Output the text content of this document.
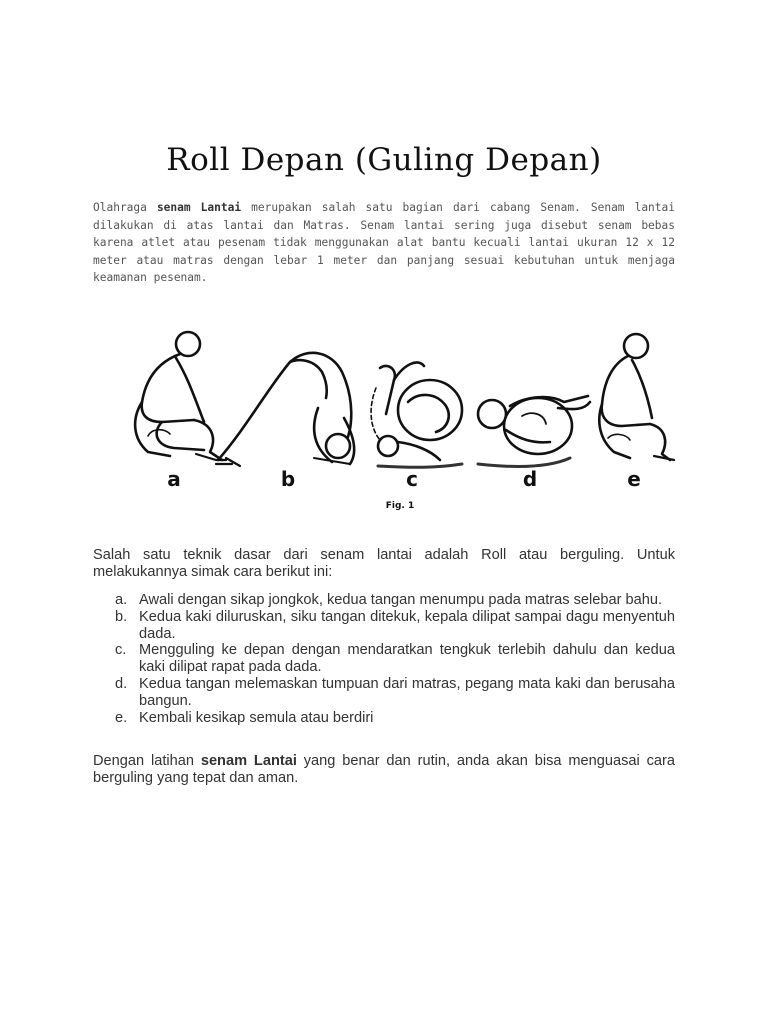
Roll Depan (Guling Depan)

Olahraga senam Lantai merupakan salah satu bagian dari cabang Senam. Senam lantai dilakukan di atas lantai dan Matras. Senam lantai sering juga disebut senam bebas karena atlet atau pesenam tidak menggunakan alat bantu kecuali lantai ukuran 12 x 12 meter atau matras dengan lebar 1 meter dan panjang sesuai kebutuhan untuk menjaga keamanan pesenam.

a	b	c	d	e
Fig. 1

Salah satu teknik dasar dari senam lantai adalah Roll atau berguling. Untuk melakukannya simak cara berikut ini:

a. Awali dengan sikap jongkok, kedua tangan menumpu pada matras selebar bahu.
b. Kedua kaki diluruskan, siku tangan ditekuk, kepala dilipat sampai dagu menyentuh dada.
c. Mengguling ke depan dengan mendaratkan tengkuk terlebih dahulu dan kedua kaki dilipat rapat pada dada.
d. Kedua tangan melemaskan tumpuan dari matras, pegang mata kaki dan berusaha bangun.
e. Kembali kesikap semula atau berdiri

Dengan latihan senam Lantai yang benar dan rutin, anda akan bisa menguasai cara berguling yang tepat dan aman.
